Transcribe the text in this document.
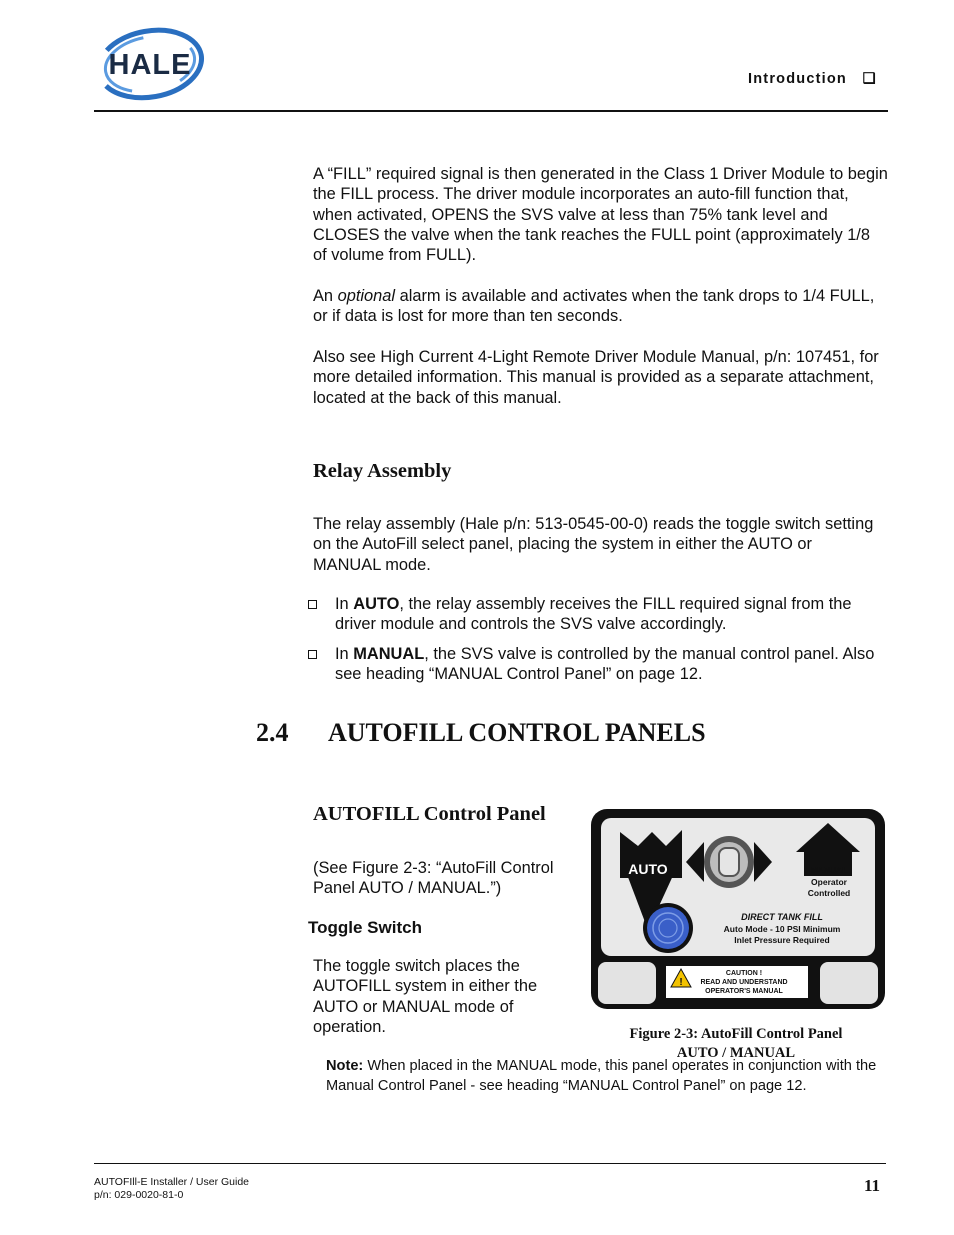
HALE	Introduction ❑
A “FILL” required signal is then generated in the Class 1 Driver Module to begin the FILL process. The driver module incorporates an auto-fill function that, when activated, OPENS the SVS valve at less than 75% tank level and CLOSES the valve when the tank reaches the FULL point (approximately 1/8 of volume from FULL).
An optional alarm is available and activates when the tank drops to 1/4 FULL, or if data is lost for more than ten seconds.
Also see High Current 4-Light Remote Driver Module Manual, p/n: 107451, for more detailed information. This manual is provided as a separate attachment, located at the back of this manual.
Relay Assembly
The relay assembly (Hale p/n: 513-0545-00-0) reads the toggle switch setting on the AutoFill select panel, placing the system in either the AUTO or MANUAL mode.
In AUTO, the relay assembly receives the FILL required signal from the driver module and controls the SVS valve accordingly.
In MANUAL, the SVS valve is controlled by the manual control panel. Also see heading “MANUAL Control Panel” on page 12.
2.4 AUTOFILL CONTROL PANELS
AUTOFILL Control Panel
(See Figure 2-3: “AutoFill Control Panel AUTO / MANUAL.”)
Toggle Switch
The toggle switch places the AUTOFILL system in either the AUTO or MANUAL mode of operation.
AUTO	MANUAL
Operator
Controlled
DIRECT TANK FILL
Auto Mode - 10 PSI Minimum
Inlet Pressure Required
!
CAUTION !
READ AND UNDERSTAND
OPERATOR'S MANUAL
Figure 2-3: AutoFill Control Panel
AUTO / MANUAL
Note: When placed in the MANUAL mode, this panel operates in conjunction with the Manual Control Panel - see heading “MANUAL Control Panel” on page 12.
AUTOFIll-E Installer / User Guide
p/n: 029-0020-81-0	11
